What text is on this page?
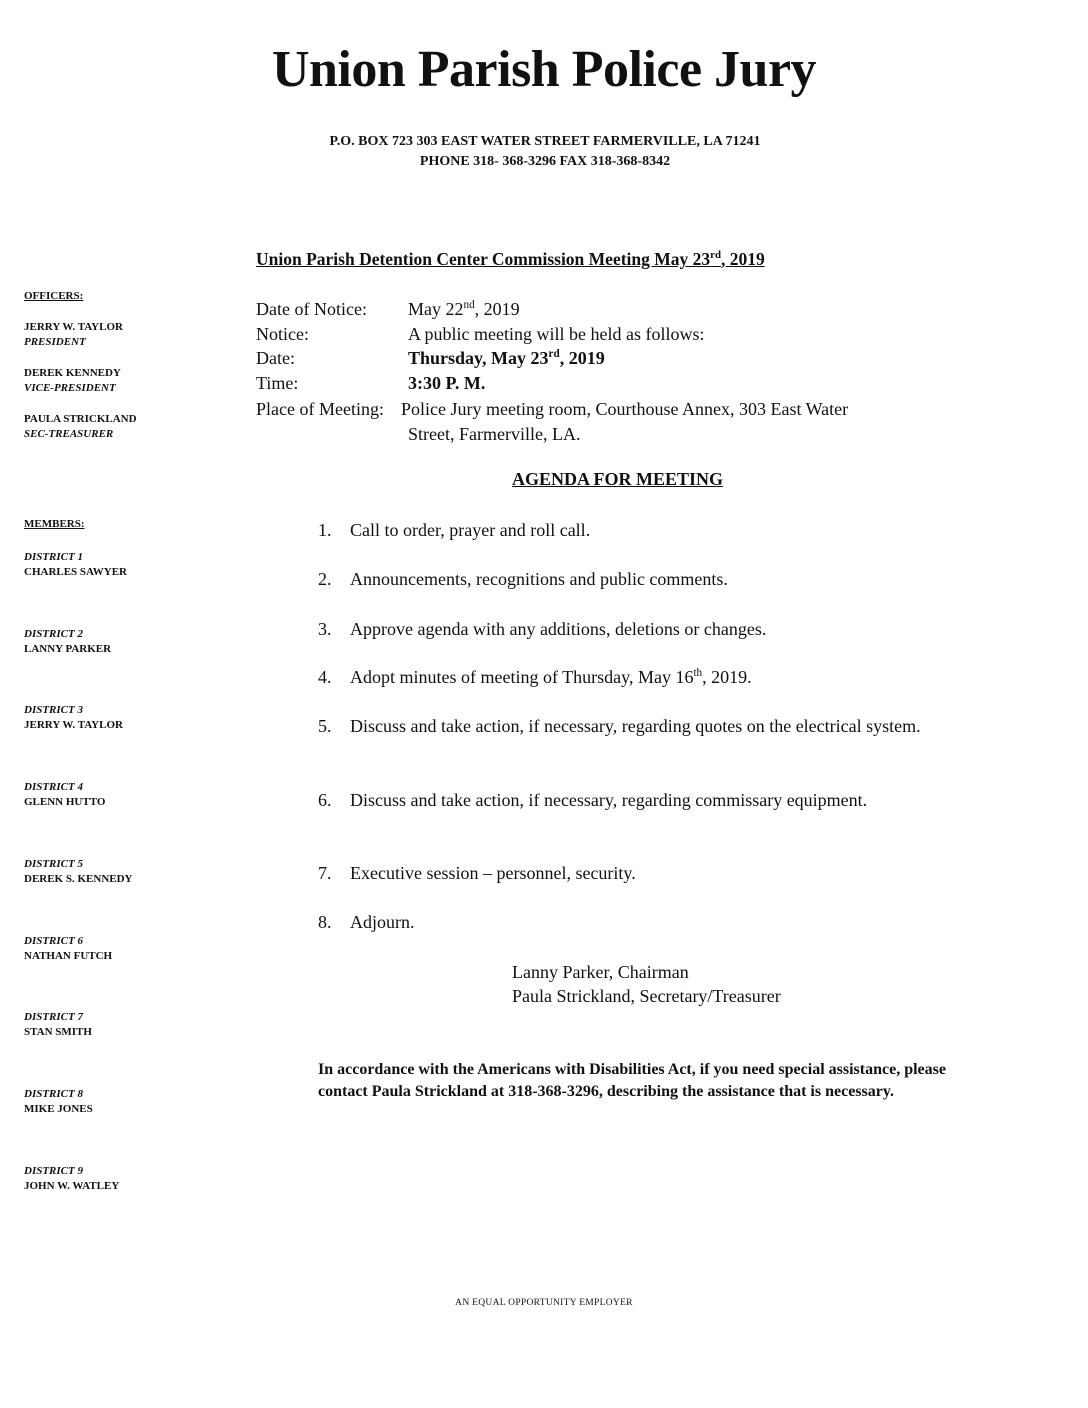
Union Parish Police Jury
P.O. BOX 723 303 EAST WATER STREET FARMERVILLE, LA 71241
PHONE 318- 368-3296 FAX 318-368-8342
Union Parish Detention Center Commission Meeting May 23rd, 2019
OFFICERS:
JERRY W. TAYLOR
PRESIDENT
DEREK KENNEDY
VICE-PRESIDENT
PAULA STRICKLAND
SEC-TREASURER
MEMBERS:
DISTRICT 1
CHARLES SAWYER
DISTRICT 2
LANNY PARKER
DISTRICT 3
JERRY W. TAYLOR
DISTRICT 4
GLENN HUTTO
DISTRICT 5
DEREK S. KENNEDY
DISTRICT 6
NATHAN FUTCH
DISTRICT 7
STAN SMITH
DISTRICT 8
MIKE JONES
DISTRICT 9
JOHN W. WATLEY
Date of Notice: May 22nd, 2019
Notice:	A public meeting will be held as follows:
Date:	Thursday, May 23rd, 2019
Time:	3:30 P. M.
Place of Meeting: Police Jury meeting room, Courthouse Annex, 303 East Water
Street, Farmerville, LA.
AGENDA FOR MEETING
1. Call to order, prayer and roll call.
2. Announcements, recognitions and public comments.
3. Approve agenda with any additions, deletions or changes.
4. Adopt minutes of meeting of Thursday, May 16th, 2019.
5. Discuss and take action, if necessary, regarding quotes on the electrical system.
6. Discuss and take action, if necessary, regarding commissary equipment.
7. Executive session – personnel, security.
8. Adjourn.
Lanny Parker, Chairman
Paula Strickland, Secretary/Treasurer
In accordance with the Americans with Disabilities Act, if you need special assistance, please contact Paula Strickland at 318-368-3296, describing the assistance that is necessary.
AN EQUAL OPPORTUNITY EMPLOYER
